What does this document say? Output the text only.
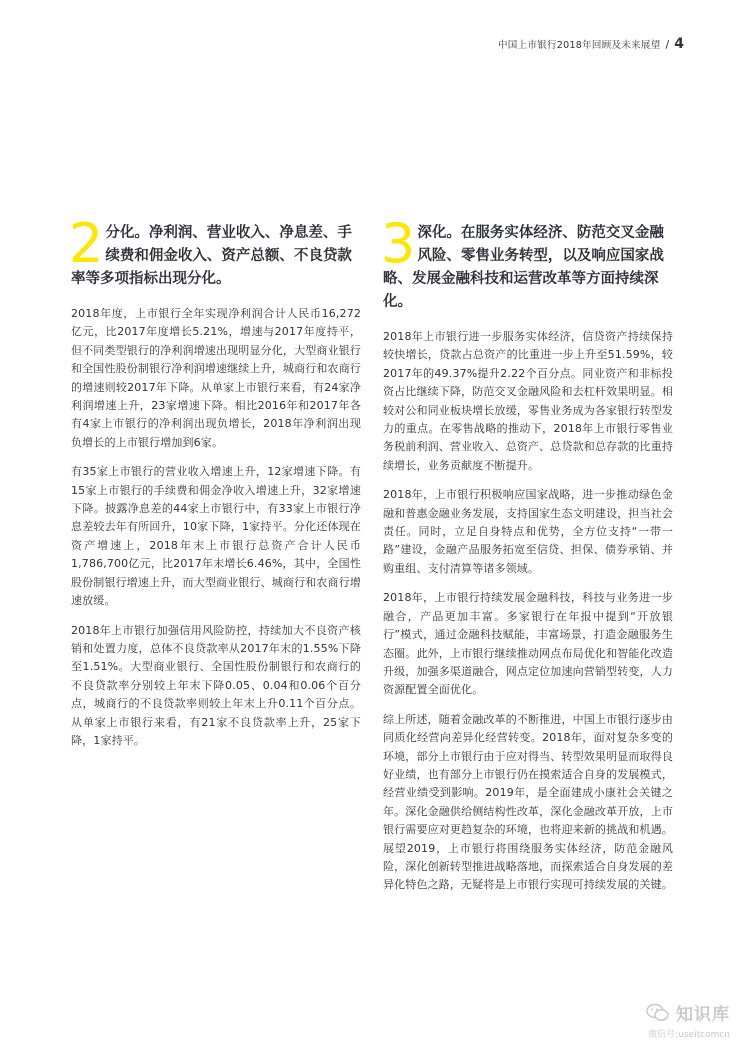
中国上市银行2018年回顾及未来展望 / 4
2 分化。净利润、营业收入、净息差、手续费和佣金收入、资产总额、不良贷款率等多项指标出现分化。

2018年度，上市银行全年实现净利润合计人民币16,272亿元，比2017年度增长5.21%，增速与2017年度持平，但不同类型银行的净利润增速出现明显分化，大型商业银行和全国性股份制银行净利润增速继续上升，城商行和农商行的增速则较2017年下降。从单家上市银行来看，有24家净利润增速上升，23家增速下降。相比2016年和2017年各有4家上市银行的净利润出现负增长，2018年净利润出现负增长的上市银行增加到6家。

有35家上市银行的营业收入增速上升，12家增速下降。有15家上市银行的手续费和佣金净收入增速上升，32家增速下降。披露净息差的44家上市银行中，有33家上市银行净息差较去年有所回升，10家下降，1家持平。分化还体现在资产增速上，2018年末上市银行总资产合计人民币1,786,700亿元，比2017年末增长6.46%，其中，全国性股份制银行增速上升，而大型商业银行、城商行和农商行增速放缓。

2018年上市银行加强信用风险防控，持续加大不良资产核销和处置力度，总体不良贷款率从2017年末的1.55%下降至1.51%。大型商业银行、全国性股份制银行和农商行的不良贷款率分别较上年末下降0.05、0.04和0.06个百分点，城商行的不良贷款率则较上年末上升0.11个百分点。从单家上市银行来看，有21家不良贷款率上升，25家下降，1家持平。

3 深化。在服务实体经济、防范交叉金融风险、零售业务转型，以及响应国家战略、发展金融科技和运营改革等方面持续深化。

2018年上市银行进一步服务实体经济，信贷资产持续保持较快增长，贷款占总资产的比重进一步上升至51.59%，较2017年的49.37%提升2.22个百分点。同业资产和非标投资占比继续下降，防范交叉金融风险和去杠杆效果明显。相较对公和同业板块增长放缓，零售业务成为各家银行转型发力的重点。在零售战略的推动下，2018年上市银行零售业务税前利润、营业收入、总资产、总贷款和总存款的比重持续增长，业务贡献度不断提升。

2018年，上市银行积极响应国家战略，进一步推动绿色金融和普惠金融业务发展，支持国家生态文明建设，担当社会责任。同时，立足自身特点和优势，全方位支持“一带一路”建设，金融产品服务拓宽至信贷、担保、债券承销、并购重组、支付清算等诸多领域。

2018年，上市银行持续发展金融科技，科技与业务进一步融合，产品更加丰富。多家银行在年报中提到“开放银行”模式，通过金融科技赋能，丰富场景，打造金融服务生态圈。此外，上市银行继续推动网点布局优化和智能化改造升级，加强多渠道融合，网点定位加速向营销型转变，人力资源配置全面优化。

综上所述，随着金融改革的不断推进，中国上市银行逐步由同质化经营向差异化经营转变。2018年，面对复杂多变的环境，部分上市银行由于应对得当、转型效果明显而取得良好业绩，也有部分上市银行仍在摸索适合自身的发展模式，经营业绩受到影响。2019年，是全面建成小康社会关键之年。深化金融供给侧结构性改革，深化金融改革开放，上市银行需要应对更趋复杂的环境，也将迎来新的挑战和机遇。展望2019，上市银行将围绕服务实体经济，防范金融风险，深化创新转型推进战略落地，而探索适合自身发展的差异化特色之路，无疑将是上市银行实现可持续发展的关键。

知识库
微信号:useitcomcn
